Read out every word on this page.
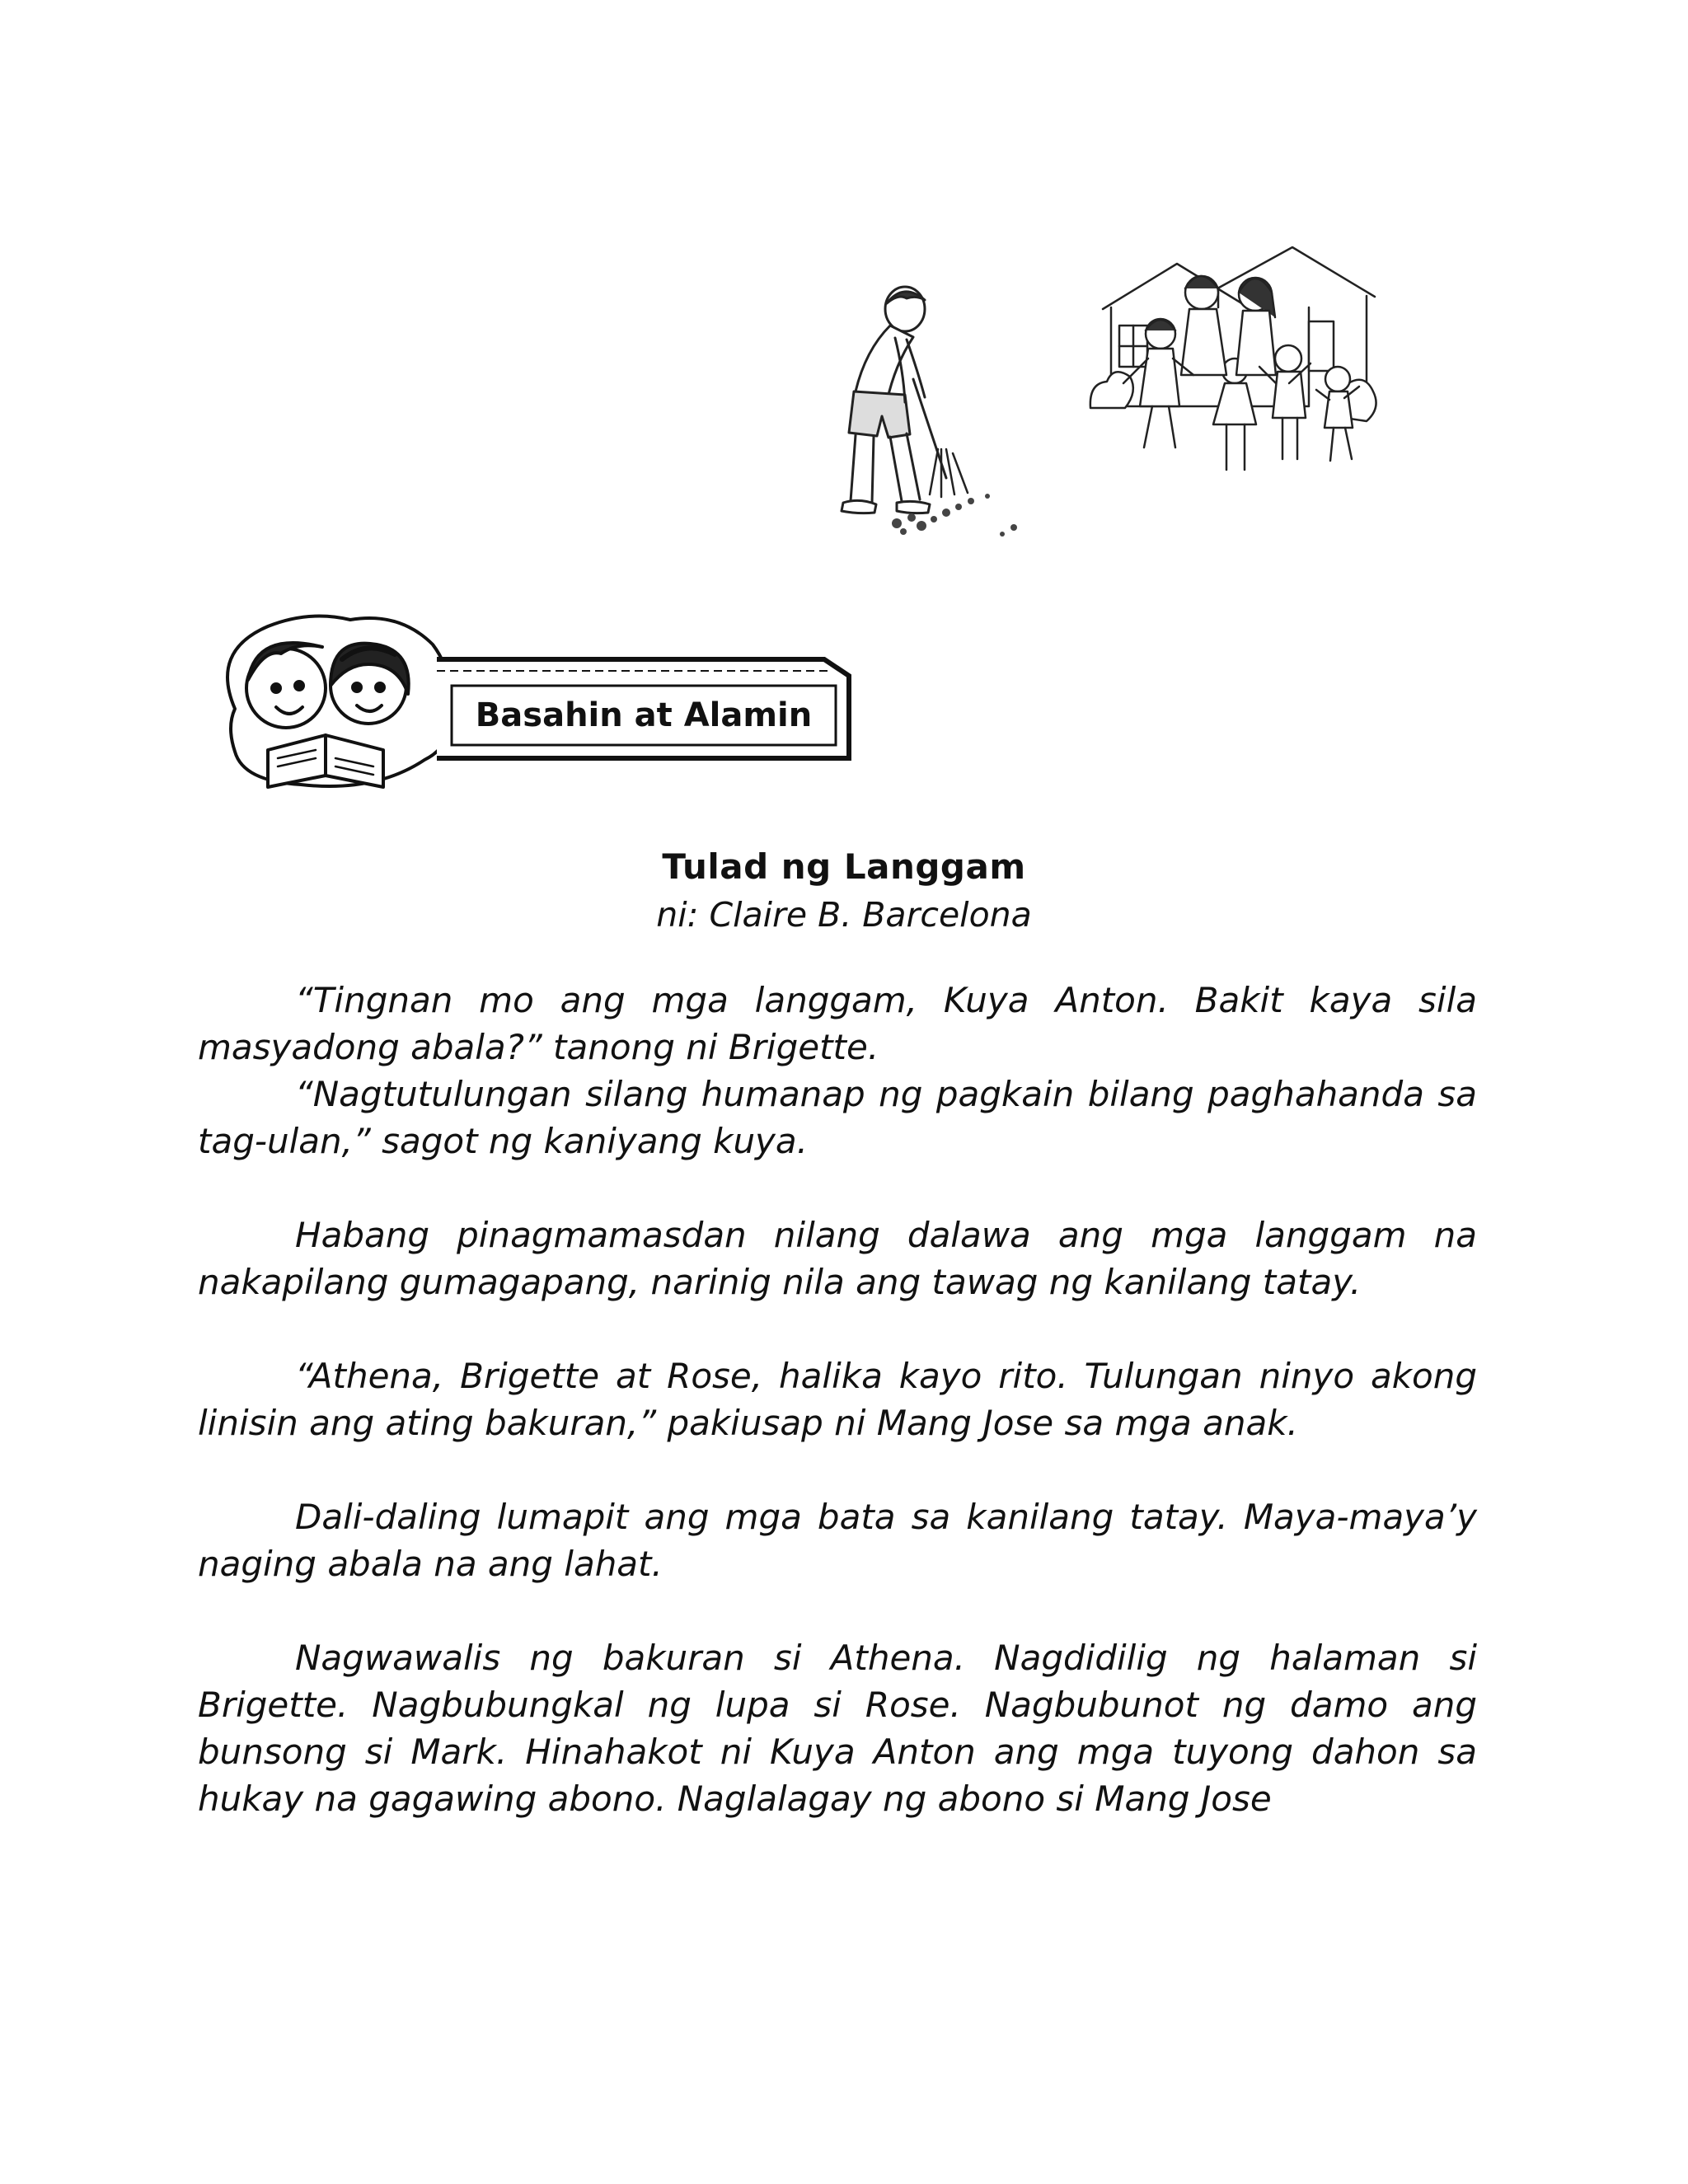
Basahin at Alamin
Tulad ng Langgam
ni: Claire B. Barcelona

“Tingnan mo ang mga langgam, Kuya Anton. Bakit kaya sila masyadong abala?” tanong ni Brigette.

“Nagtutulungan silang humanap ng pagkain bilang paghahanda sa tag-ulan,” sagot ng kaniyang kuya.

Habang pinagmamasdan nilang dalawa ang mga langgam na nakapilang gumagapang, narinig nila ang tawag ng kanilang tatay.

“Athena, Brigette at Rose, halika kayo rito. Tulungan ninyo akong linisin ang ating bakuran,” pakiusap ni Mang Jose sa mga anak.

Dali-daling lumapit ang mga bata sa kanilang tatay. Maya-maya’y naging abala na ang lahat.

Nagwawalis ng bakuran si Athena. Nagdidilig ng halaman si Brigette. Nagbubungkal ng lupa si Rose. Nagbubunot ng damo ang bunsong si Mark. Hinahakot ni Kuya Anton ang mga tuyong dahon sa hukay na gagawing abono. Naglalagay ng abono si Mang Jose
